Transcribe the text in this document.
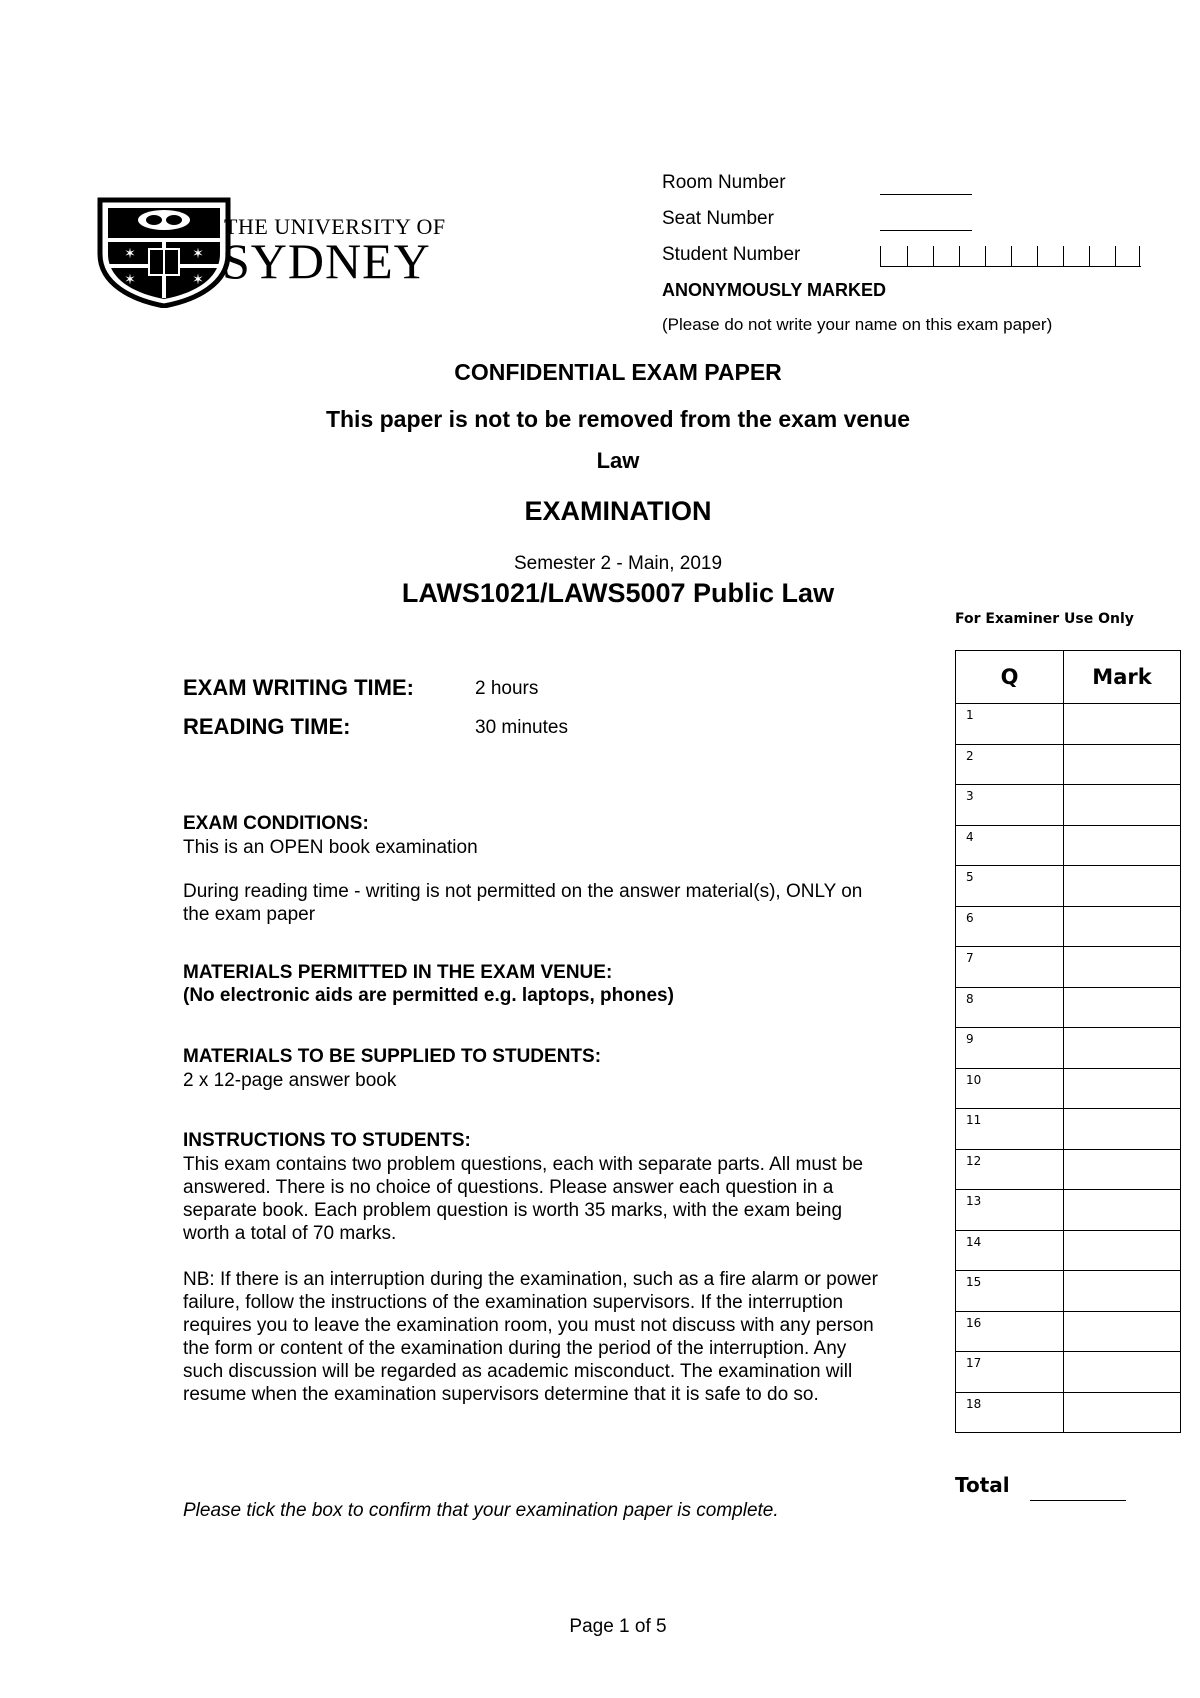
✶
✶
✶
✶
THE UNIVERSITY OF
SYDNEY
Room Number
Seat Number
Student Number
ANONYMOUSLY MARKED
(Please do not write your name on this exam paper)
CONFIDENTIAL EXAM PAPER
This paper is not to be removed from the exam venue
Law
EXAMINATION
Semester 2 - Main, 2019
LAWS1021/LAWS5007 Public Law
EXAM WRITING TIME:	2 hours
READING TIME:	30 minutes
EXAM CONDITIONS:
This is an OPEN book examination
During reading time - writing is not permitted on the answer material(s), ONLY on
the exam paper
MATERIALS PERMITTED IN THE EXAM VENUE:
(No electronic aids are permitted e.g. laptops, phones)
MATERIALS TO BE SUPPLIED TO STUDENTS:
2 x 12-page answer book
INSTRUCTIONS TO STUDENTS:
This exam contains two problem questions, each with separate parts. All must be
answered. There is no choice of questions. Please answer each question in a
separate book. Each problem question is worth 35 marks, with the exam being
worth a total of 70 marks.
NB: If there is an interruption during the examination, such as a fire alarm or power
failure, follow the instructions of the examination supervisors. If the interruption
requires you to leave the examination room, you must not discuss with any person
the form or content of the examination during the period of the interruption. Any
such discussion will be regarded as academic misconduct. The examination will
resume when the examination supervisors determine that it is safe to do so.
Please tick the box to confirm that your examination paper is complete.
For Examiner Use Only
Q	Mark
1	
2	
3	
4	
5	
6	
7	
8	
9	
10	
11	
12	
13	
14	
15	
16	
17	
18	
Total
Page 1 of 5
